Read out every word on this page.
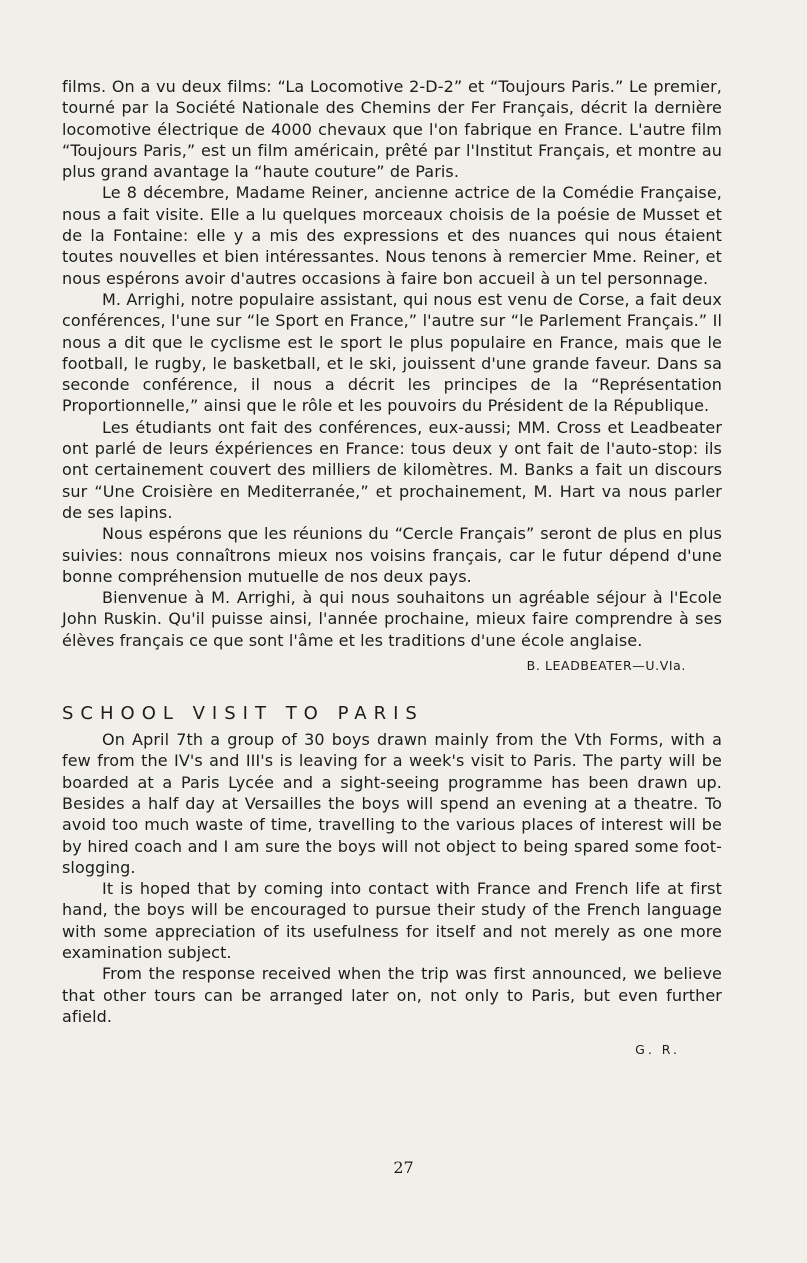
films. On a vu deux films: “La Locomotive 2-D-2” et “Toujours Paris.” Le premier, tourné par la Société Nationale des Chemins der Fer Français, décrit la dernière locomotive électrique de 4000 chevaux que l'on fabrique en France. L'autre film “Toujours Paris,” est un film américain, prêté par l'Institut Français, et montre au plus grand avantage la “haute couture” de Paris.

Le 8 décembre, Madame Reiner, ancienne actrice de la Comédie Française, nous a fait visite. Elle a lu quelques morceaux choisis de la poésie de Musset et de la Fontaine: elle y a mis des expressions et des nuances qui nous étaient toutes nouvelles et bien intéressantes. Nous tenons à remercier Mme. Reiner, et nous espérons avoir d'autres occasions à faire bon accueil à un tel personnage.

M. Arrighi, notre populaire assistant, qui nous est venu de Corse, a fait deux conférences, l'une sur “le Sport en France,” l'autre sur “le Parlement Français.” Il nous a dit que le cyclisme est le sport le plus populaire en France, mais que le football, le rugby, le basketball, et le ski, jouissent d'une grande faveur. Dans sa seconde conférence, il nous a décrit les principes de la “Représentation Proportionnelle,” ainsi que le rôle et les pouvoirs du Président de la République.

Les étudiants ont fait des conférences, eux-aussi; MM. Cross et Leadbeater ont parlé de leurs éxpériences en France: tous deux y ont fait de l'auto-stop: ils ont certainement couvert des milliers de kilomètres. M. Banks a fait un discours sur “Une Croisière en Mediterranée,” et prochainement, M. Hart va nous parler de ses lapins.

Nous espérons que les réunions du “Cercle Français” seront de plus en plus suivies: nous connaîtrons mieux nos voisins français, car le futur dépend d'une bonne compréhension mutuelle de nos deux pays.

Bienvenue à M. Arrighi, à qui nous souhaitons un agréable séjour à l'Ecole John Ruskin. Qu'il puisse ainsi, l'année prochaine, mieux faire comprendre à ses élèves français ce que sont l'âme et les traditions d'une école anglaise.

B. LEADBEATER—U.VIa.

SCHOOL VISIT TO PARIS

On April 7th a group of 30 boys drawn mainly from the Vth Forms, with a few from the IV's and III's is leaving for a week's visit to Paris. The party will be boarded at a Paris Lycée and a sight-seeing programme has been drawn up. Besides a half day at Versailles the boys will spend an evening at a theatre. To avoid too much waste of time, travelling to the various places of interest will be by hired coach and I am sure the boys will not object to being spared some foot-slogging.

It is hoped that by coming into contact with France and French life at first hand, the boys will be encouraged to pursue their study of the French language with some appreciation of its usefulness for itself and not merely as one more examination subject.

From the response received when the trip was first announced, we believe that other tours can be arranged later on, not only to Paris, but even further afield.

G. R.

27
